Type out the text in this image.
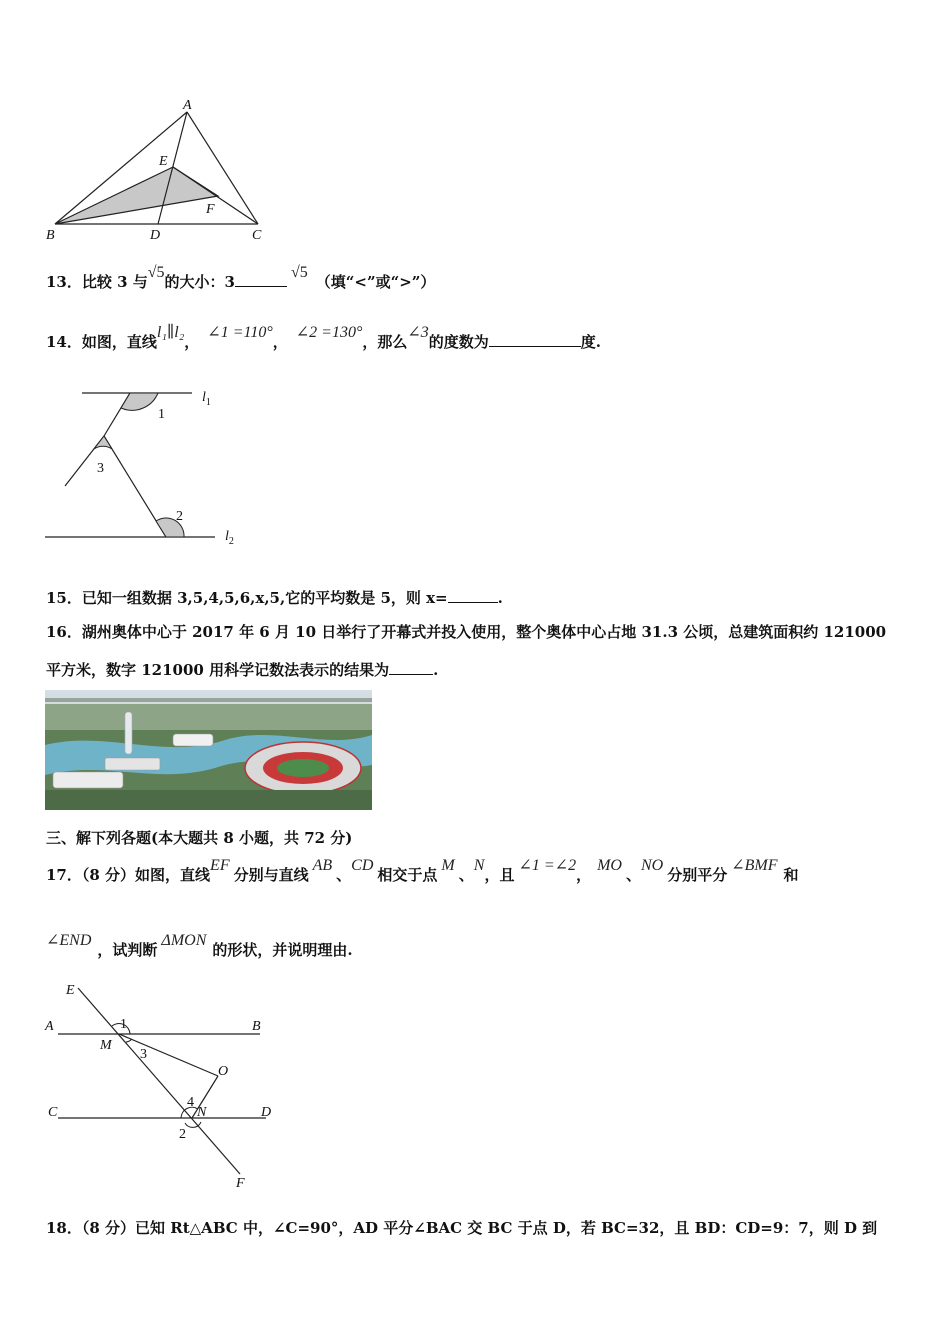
A
E
F
B	D	C
13．比较 3 与√5的大小：3√5（填“<”或“>”）
14．如图，直线l₁∥l₂，∠1 =110°，∠2 =130°，那么∠3的度数为	度.
1
3
2
$l_1$
$l_2$
15．已知一组数据 3,5,4,5,6,x,5,它的平均数是 5，则 x=	.
16．湖州奥体中心于 2017 年 6 月 10 日举行了开幕式并投入使用，整个奥体中心占地 31.3 公顷，总建筑面积约 121000
平方米，数字 121000 用科学记数法表示的结果为	.
三、解下列各题(本大题共 8 小题，共 72 分)
17．（8 分）如图，直线EF分别与直线AB、CD相交于点M、N，且∠1 =∠2，MO、NO分别平分∠BMF和
∠END，试判断ΔMON的形状，并说明理由.
E
A	B
M
1
3
O
C
4
N	D
2
F
18．（8 分）已知 Rt△ABC 中，∠C=90°，AD 平分∠BAC 交 BC 于点 D，若 BC=32，且 BD：CD=9：7，则 D 到
